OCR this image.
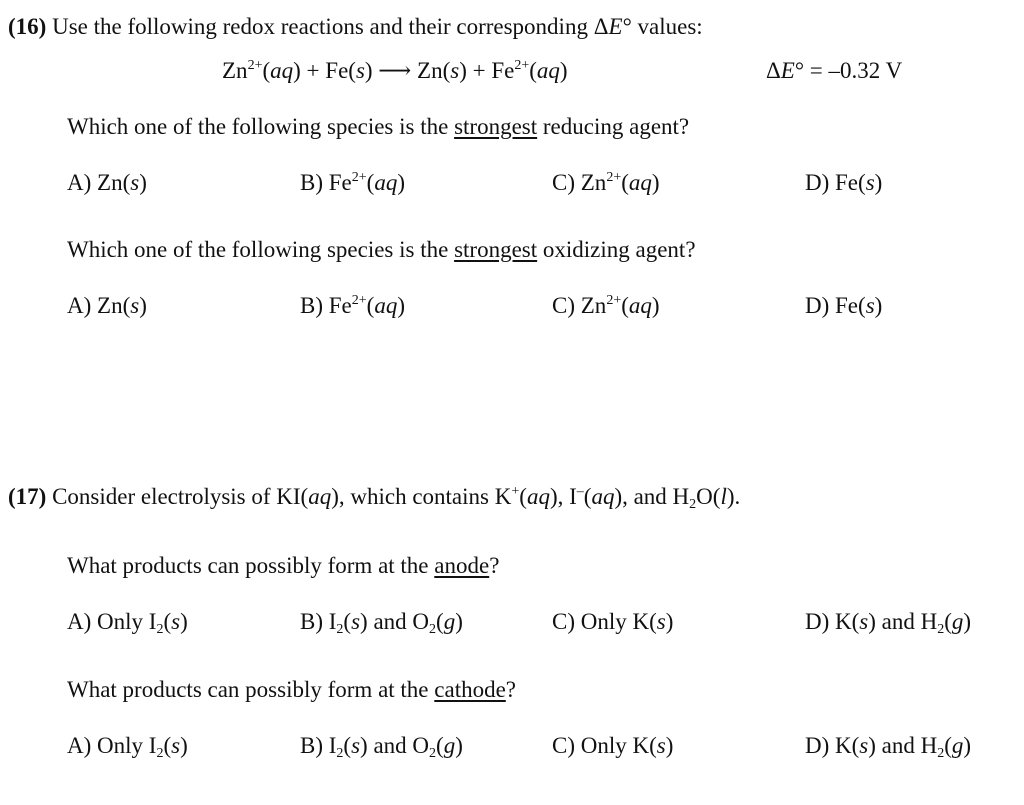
(16) Use the following redox reactions and their corresponding ΔE° values:
$Zn^{2+}(aq) + Fe(s)$ ⟶ $Zn(s) + Fe^{2+}(aq)$	ΔE° = –0.32 V
Which one of the following species is the strongest reducing agent?
A) Zn(s)	B) $Fe^{2+}(aq)$	C) $Zn^{2+}(aq)$	D) Fe(s)
Which one of the following species is the strongest oxidizing agent?
A) Zn(s)	B) $Fe^{2+}(aq)$	C) $Zn^{2+}(aq)$	D) Fe(s)
(17) Consider electrolysis of KI(aq), which contains K+(aq), I–(aq), and $H_2O(l)$.
What products can possibly form at the anode?
A) Only $I_2(s)$	B) $I_2(s)$ and $O_2(g)$	C) Only K(s)	D) K(s) and $H_2(g)$
What products can possibly form at the cathode?
A) Only $I_2(s)$	B) $I_2(s)$ and $O_2(g)$	C) Only K(s)	D) K(s) and $H_2(g)$
